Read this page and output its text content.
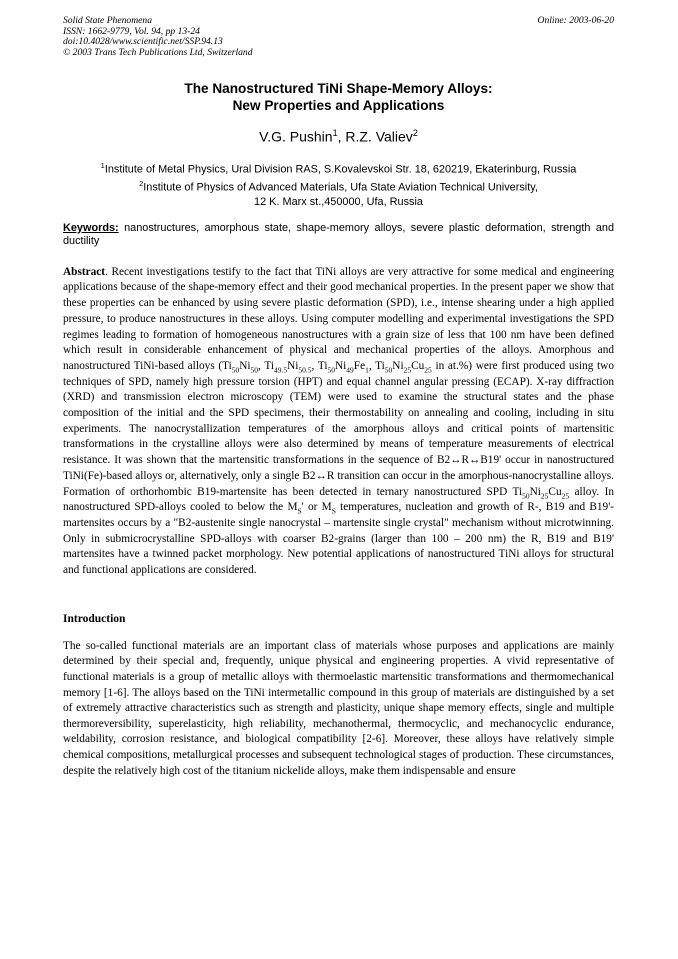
Solid State Phenomena
ISSN: 1662-9779, Vol. 94, pp 13-24
doi:10.4028/www.scientific.net/SSP.94.13
© 2003 Trans Tech Publications Ltd, Switzerland
Online: 2003-06-20
The Nanostructured TiNi Shape-Memory Alloys:
New Properties and Applications
V.G. Pushin$^1$, R.Z. Valiev$^2$
$^1$Institute of Metal Physics, Ural Division RAS, S.Kovalevskoi Str. 18, 620219, Ekaterinburg, Russia
$^2$Institute of Physics of Advanced Materials, Ufa State Aviation Technical University,
12 K. Marx st.,450000, Ufa, Russia
Keywords: nanostructures, amorphous state, shape-memory alloys, severe plastic deformation, strength and ductility
Abstract. Recent investigations testify to the fact that TiNi alloys are very attractive for some medical and engineering applications because of the shape-memory effect and their good mechanical properties. In the present paper we show that these properties can be enhanced by using severe plastic deformation (SPD), i.e., intense shearing under a high applied pressure, to produce nanostructures in these alloys. Using computer modelling and experimental investigations the SPD regimes leading to formation of homogeneous nanostructures with a grain size of less that 100 nm have been defined which result in considerable enhancement of physical and mechanical properties of the alloys. Amorphous and nanostructured TiNi-based alloys ($Ti_{50}Ni_{50}$, $Ti_{49.5}Ni_{50.5}$, $Ti_{50}Ni_{49}Fe_1$, $Ti_{50}Ni_{25}Cu_{25}$ in at.%) were first produced using two techniques of SPD, namely high pressure torsion (HPT) and equal channel angular pressing (ECAP). X-ray diffraction (XRD) and transmission electron microscopy (TEM) were used to examine the structural states and the phase composition of the initial and the SPD specimens, their thermostability on annealing and cooling, including in situ experiments. The nanocrystallization temperatures of the amorphous alloys and critical points of martensitic transformations in the crystalline alloys were also determined by means of temperature measurements of electrical resistance. It was shown that the martensitic transformations in the sequence of B2↔R↔B19' occur in nanostructured TiNi(Fe)-based alloys or, alternatively, only a single B2↔R transition can occur in the amorphous-nanocrystalline alloys. Formation of orthorhombic B19-martensite has been detected in ternary nanostructured SPD $Ti_{50}Ni_{25}Cu_{25}$ alloy. In nanostructured SPD-alloys cooled to below the $M_S'$ or $M_S$ temperatures, nucleation and growth of R-, B19 and B19'-martensites occurs by a "B2-austenite single nanocrystal – martensite single crystal" mechanism without microtwinning. Only in submicrocrystalline SPD-alloys with coarser B2-grains (larger than 100 – 200 nm) the R, B19 and B19' martensites have a twinned packet morphology. New potential applications of nanostructured TiNi alloys for structural and functional applications are considered.
Introduction
The so-called functional materials are an important class of materials whose purposes and applications are mainly determined by their special and, frequently, unique physical and engineering properties. A vivid representative of functional materials is a group of metallic alloys with thermoelastic martensitic transformations and thermomechanical memory [1-6]. The alloys based on the TiNi intermetallic compound in this group of materials are distinguished by a set of extremely attractive characteristics such as strength and plasticity, unique shape memory effects, single and multiple thermoreversibility, superelasticity, high reliability, mechanothermal, thermocyclic, and mechanocyclic endurance, weldability, corrosion resistance, and biological compatibility [2-6]. Moreover, these alloys have relatively simple chemical compositions, metallurgical processes and subsequent technological stages of production. These circumstances, despite the relatively high cost of the titanium nickelide alloys, make them indispensable and ensure
